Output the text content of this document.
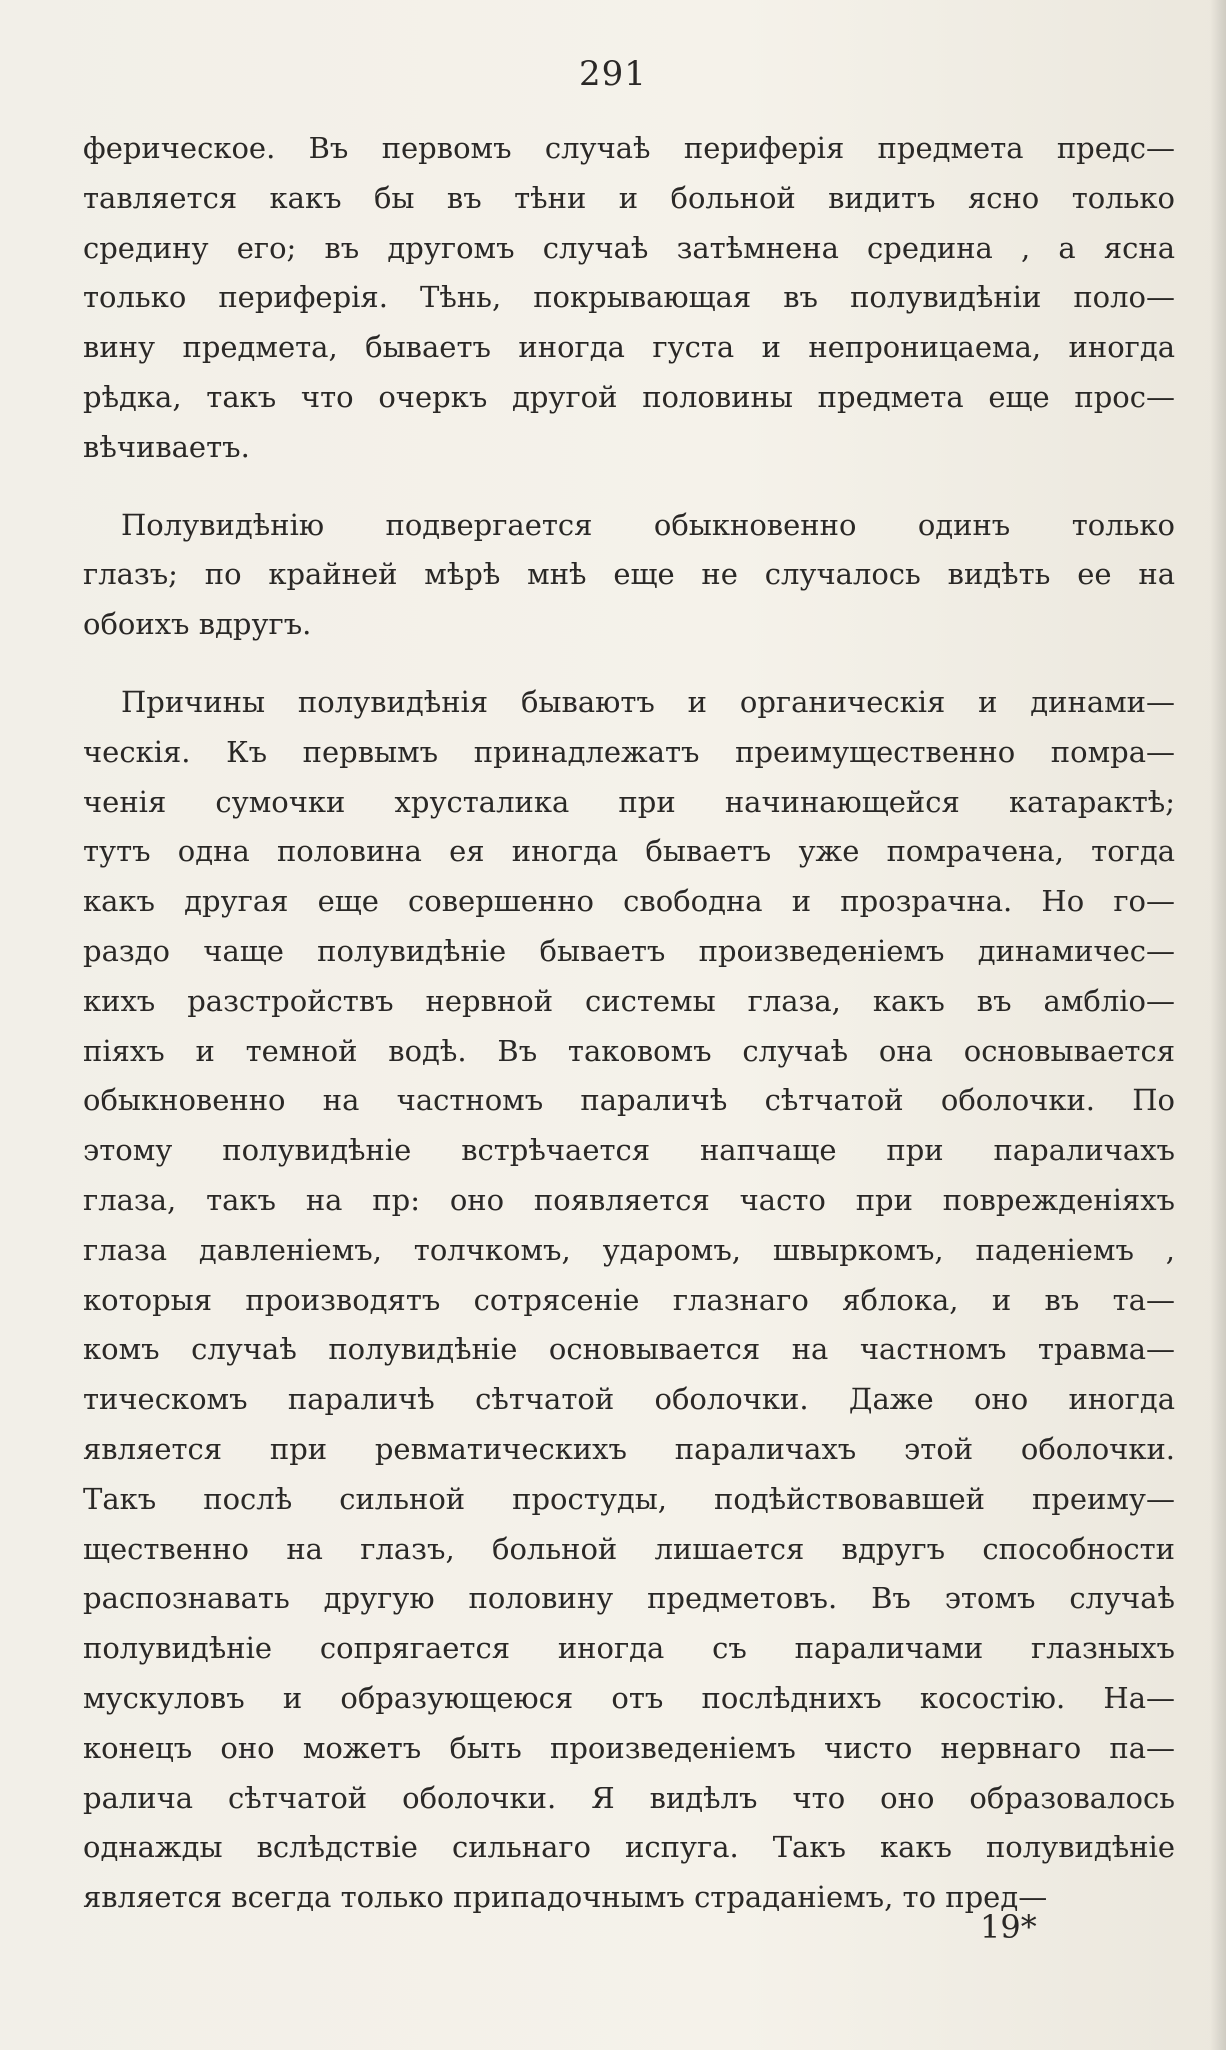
291
ферическое. Въ первомъ случаѣ периферія предмета предс—
тавляется какъ бы въ тѣни и больной видитъ ясно только
средину его; въ другомъ случаѣ затѣмнена средина , а ясна
только периферія. Тѣнь, покрывающая въ полувидѣніи поло—
вину предмета, бываетъ иногда густа и непроницаема, иногда
рѣдка, такъ что очеркъ другой половины предмета еще прос—
вѣчиваетъ.
Полувидѣнію подвергается обыкновенно одинъ только
глазъ; по крайней мѣрѣ мнѣ еще не случалось видѣть ее на
обоихъ вдругъ.
Причины полувидѣнія бываютъ и органическія и динами—
ческія. Къ первымъ принадлежатъ преимущественно помра—
ченія сумочки хрусталика при начинающейся катарактѣ;
тутъ одна половина ея иногда бываетъ уже помрачена, тогда
какъ другая еще совершенно свободна и прозрачна. Но го—
раздо чаще полувидѣніе бываетъ произведеніемъ динамичес—
кихъ разстройствъ нервной системы глаза, какъ въ амбліо—
піяхъ и темной водѣ. Въ таковомъ случаѣ она основывается
обыкновенно на частномъ параличѣ сѣтчатой оболочки. По
этому полувидѣніе встрѣчается напчаще при параличахъ
глаза, такъ на пр: оно появляется часто при поврежденіяхъ
глаза давленіемъ, толчкомъ, ударомъ, швыркомъ, паденіемъ ,
которыя производятъ сотрясеніе глазнаго яблока, и въ та—
комъ случаѣ полувидѣніе основывается на частномъ травма—
тическомъ параличѣ сѣтчатой оболочки. Даже оно иногда
является при ревматическихъ параличахъ этой оболочки.
Такъ послѣ сильной простуды, подѣйствовавшей преиму—
щественно на глазъ, больной лишается вдругъ способности
распознавать другую половину предметовъ. Въ этомъ случаѣ
полувидѣніе сопрягается иногда съ параличами глазныхъ
мускуловъ и образующеюся отъ послѣднихъ косостію. На—
конецъ оно можетъ быть произведеніемъ чисто нервнаго па—
ралича сѣтчатой оболочки. Я видѣлъ что оно образовалось
однажды вслѣдствіе сильнаго испуга. Такъ какъ полувидѣніе
является всегда только припадочнымъ страданіемъ, то пред—
19*
